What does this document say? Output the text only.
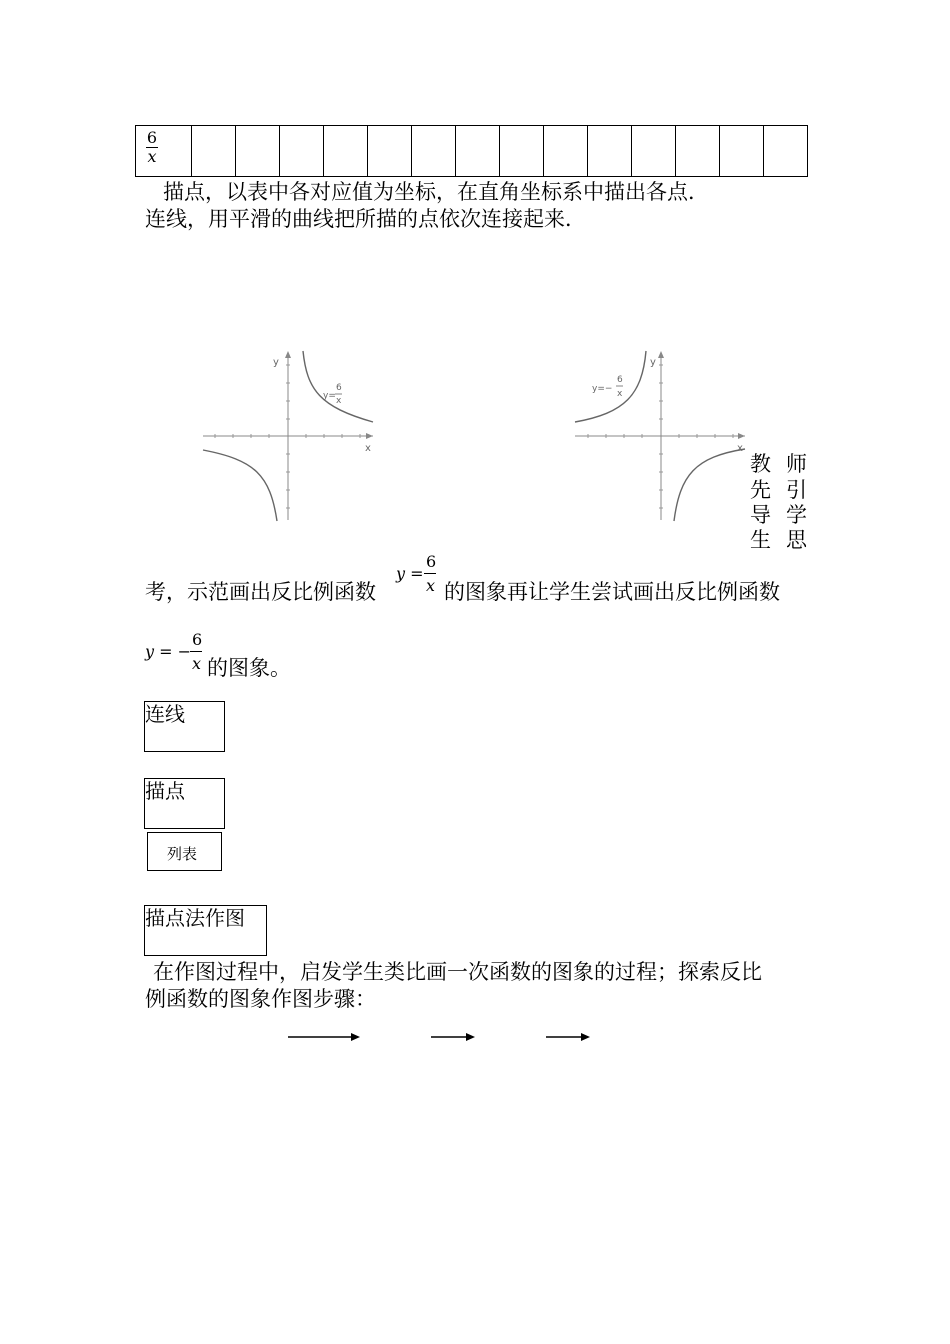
6
x

描点，以表中各对应值为坐标，在直角坐标系中描出各点．
连线，用平滑的曲线把所描的点依次连接起来．
y
x
y=
6
x
y
x
y=−
6
x
教 师
先 引
导 学
生 思
考，示范画出反比例函数
y =
6
x 的图象再让学生尝试画出反比例函数
y = −
6
x 的图象。
连线
描点
列表
描点法作图
在作图过程中，启发学生类比画一次函数的图象的过程；探索反比
例函数的图象作图步骤：
